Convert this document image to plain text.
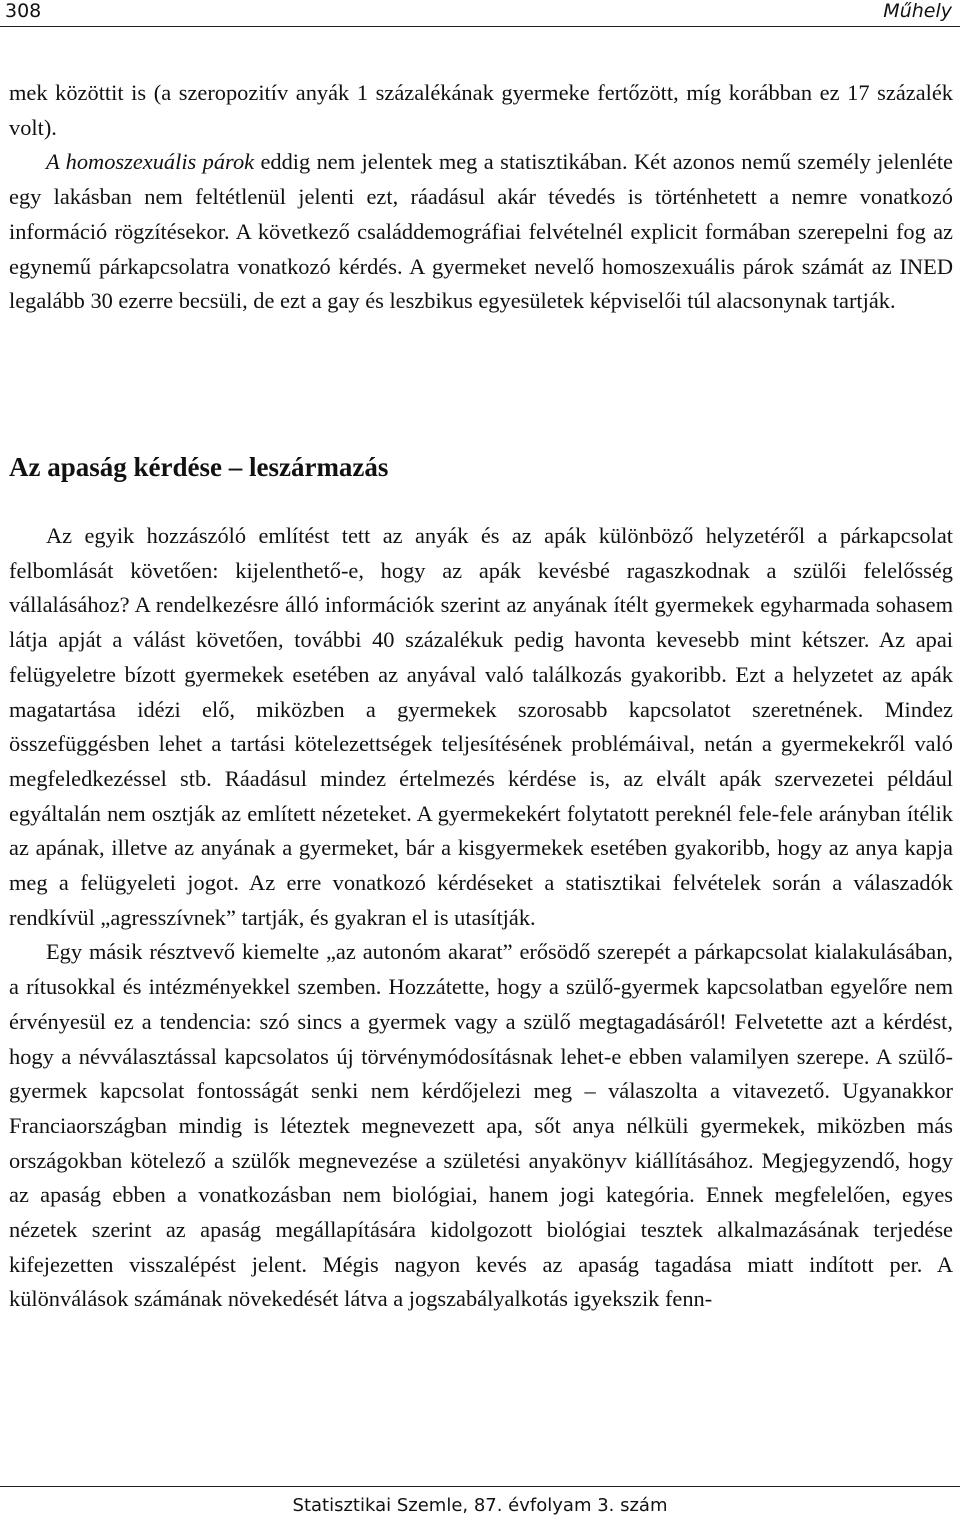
308	Műhely

mek közöttit is (a szeropozitív anyák 1 százalékának gyermeke fertőzött, míg korábban ez 17 százalék volt).

A homoszexuális párok eddig nem jelentek meg a statisztikában. Két azonos nemű személy jelenléte egy lakásban nem feltétlenül jelenti ezt, ráadásul akár tévedés is történhetett a nemre vonatkozó információ rögzítésekor. A következő családdemográfiai felvételnél explicit formában szerepelni fog az egynemű párkapcsolatra vonatkozó kérdés. A gyermeket nevelő homoszexuális párok számát az INED legalább 30 ezerre becsüli, de ezt a gay és leszbikus egyesületek képviselői túl alacsonynak tartják.

Az apaság kérdése – leszármazás

Az egyik hozzászóló említést tett az anyák és az apák különböző helyzetéről a párkapcsolat felbomlását követően: kijelenthető-e, hogy az apák kevésbé ragaszkodnak a szülői felelősség vállalásához? A rendelkezésre álló információk szerint az anyának ítélt gyermekek egyharmada sohasem látja apját a válást követően, további 40 százalékuk pedig havonta kevesebb mint kétszer. Az apai felügyeletre bízott gyermekek esetében az anyával való találkozás gyakoribb. Ezt a helyzetet az apák magatartása idézi elő, miközben a gyermekek szorosabb kapcsolatot szeretnének. Mindez összefüggésben lehet a tartási kötelezettségek teljesítésének problémáival, netán a gyermekekről való megfeledkezéssel stb. Ráadásul mindez értelmezés kérdése is, az elvált apák szervezetei például egyáltalán nem osztják az említett nézeteket. A gyermekekért folytatott pereknél fele-fele arányban ítélik az apának, illetve az anyának a gyermeket, bár a kisgyermekek esetében gyakoribb, hogy az anya kapja meg a felügyeleti jogot. Az erre vonatkozó kérdéseket a statisztikai felvételek során a válaszadók rendkívül „agresszívnek” tartják, és gyakran el is utasítják.

Egy másik résztvevő kiemelte „az autonóm akarat” erősödő szerepét a párkapcsolat kialakulásában, a rítusokkal és intézményekkel szemben. Hozzátette, hogy a szülő-gyermek kapcsolatban egyelőre nem érvényesül ez a tendencia: szó sincs a gyermek vagy a szülő megtagadásáról! Felvetette azt a kérdést, hogy a névválasztással kapcsolatos új törvénymódosításnak lehet-e ebben valamilyen szerepe. A szülő-gyermek kapcsolat fontosságát senki nem kérdőjelezi meg – válaszolta a vitavezető. Ugyanakkor Franciaországban mindig is léteztek megnevezett apa, sőt anya nélküli gyermekek, miközben más országokban kötelező a szülők megnevezése a születési anyakönyv kiállításához. Megjegyzendő, hogy az apaság ebben a vonatkozásban nem biológiai, hanem jogi kategória. Ennek megfelelően, egyes nézetek szerint az apaság megállapítására kidolgozott biológiai tesztek alkalmazásának terjedése kifejezetten visszalépést jelent. Mégis nagyon kevés az apaság tagadása miatt indított per. A különválások számának növekedését látva a jogszabályalkotás igyekszik fenn-

Statisztikai Szemle, 87. évfolyam 3. szám
